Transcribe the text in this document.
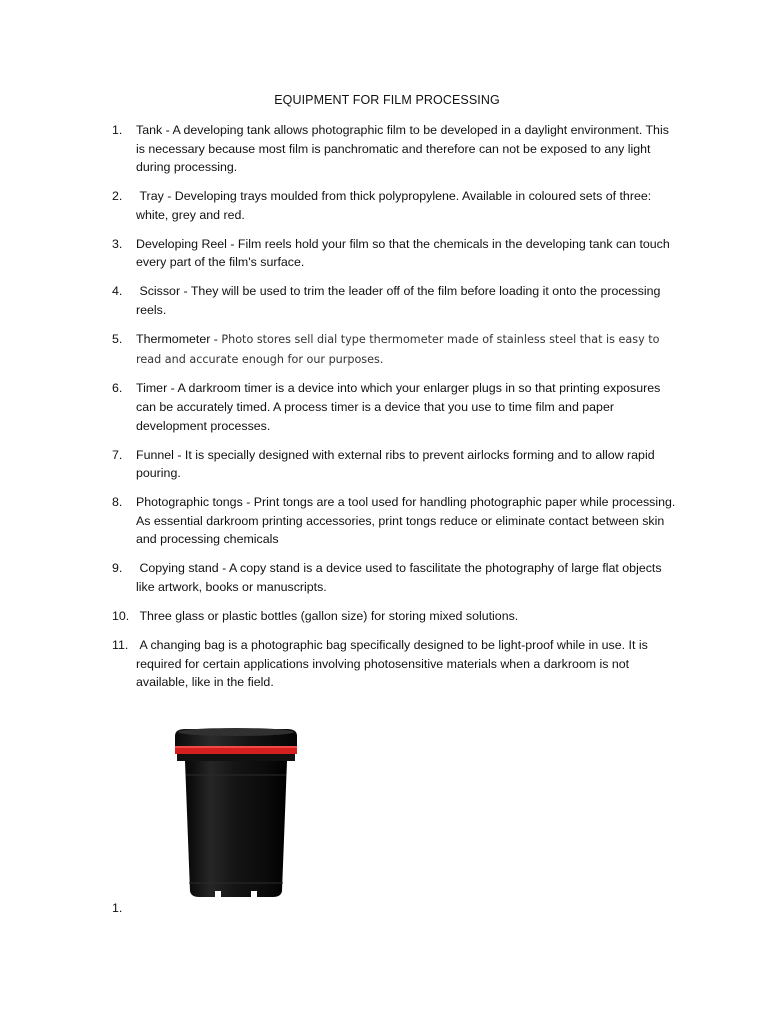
EQUIPMENT FOR FILM PROCESSING
1.	Tank - A developing tank allows photographic film to be developed in a daylight environment. This is necessary because most film is panchromatic and therefore can not be exposed to any light during processing.
2.	Tray - Developing trays moulded from thick polypropylene. Available in coloured sets of three: white, grey and red.
3.	Developing Reel - Film reels hold your film so that the chemicals in the developing tank can touch every part of the film's surface.
4.	Scissor - They will be used to trim the leader off of the film before loading it onto the processing reels.
5.	Thermometer - Photo stores sell dial type thermometer made of stainless steel that is easy to read and accurate enough for our purposes.
6.	Timer - A darkroom timer is a device into which your enlarger plugs in so that printing exposures can be accurately timed. A process timer is a device that you use to time film and paper development processes.
7.	Funnel - It is specially designed with external ribs to prevent airlocks forming and to allow rapid pouring.
8.	Photographic tongs - Print tongs are a tool used for handling photographic paper while processing. As essential darkroom printing accessories, print tongs reduce or eliminate contact between skin and processing chemicals
9.	Copying stand - A copy stand is a device used to fascilitate the photography of large flat objects like artwork, books or manuscripts.
10. Three glass or plastic bottles (gallon size) for storing mixed solutions.
11. A changing bag is a photographic bag specifically designed to be light-proof while in use. It is required for certain applications involving photosensitive materials when a darkroom is not available, like in the field.
1.
